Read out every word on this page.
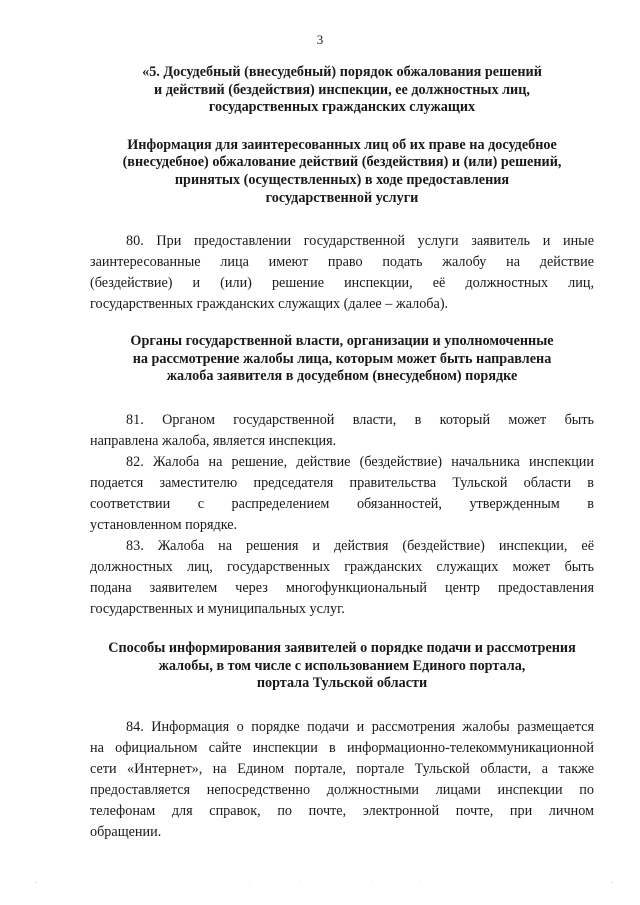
3
«5. Досудебный (внесудебный) порядок обжалования решений
и действий (бездействия) инспекции, ее должностных лиц,
государственных гражданских служащих
Информация для заинтересованных лиц об их праве на досудебное
(внесудебное) обжалование действий (бездействия) и (или) решений,
принятых (осуществленных) в ходе предоставления
государственной услуги
80. При предоставлении государственной услуги заявитель и иные
заинтересованные лица имеют право подать жалобу на действие
(бездействие) и (или) решение инспекции, её должностных лиц,
государственных гражданских служащих (далее – жалоба).
Органы государственной власти, организации и уполномоченные
на рассмотрение жалобы лица, которым может быть направлена
жалоба заявителя в досудебном (внесудебном) порядке
81. Органом государственной власти, в который может быть
направлена жалоба, является инспекция.
82. Жалоба на решение, действие (бездействие) начальника инспекции
подается заместителю председателя правительства Тульской области в
соответствии с распределением обязанностей, утвержденным в
установленном порядке.
83. Жалоба на решения и действия (бездействие) инспекции, её
должностных лиц, государственных гражданских служащих может быть
подана заявителем через многофункциональный центр предоставления
государственных и муниципальных услуг.
Способы информирования заявителей о порядке подачи и рассмотрения
жалобы, в том числе с использованием Единого портала,
портала Тульской области
84. Информация о порядке подачи и рассмотрения жалобы размещается
на официальном сайте инспекции в информационно-телекоммуникационной
сети «Интернет», на Едином портале, портале Тульской области, а также
предоставляется непосредственно должностными лицами инспекции по
телефонам для справок, по почте, электронной почте, при личном
обращении.
